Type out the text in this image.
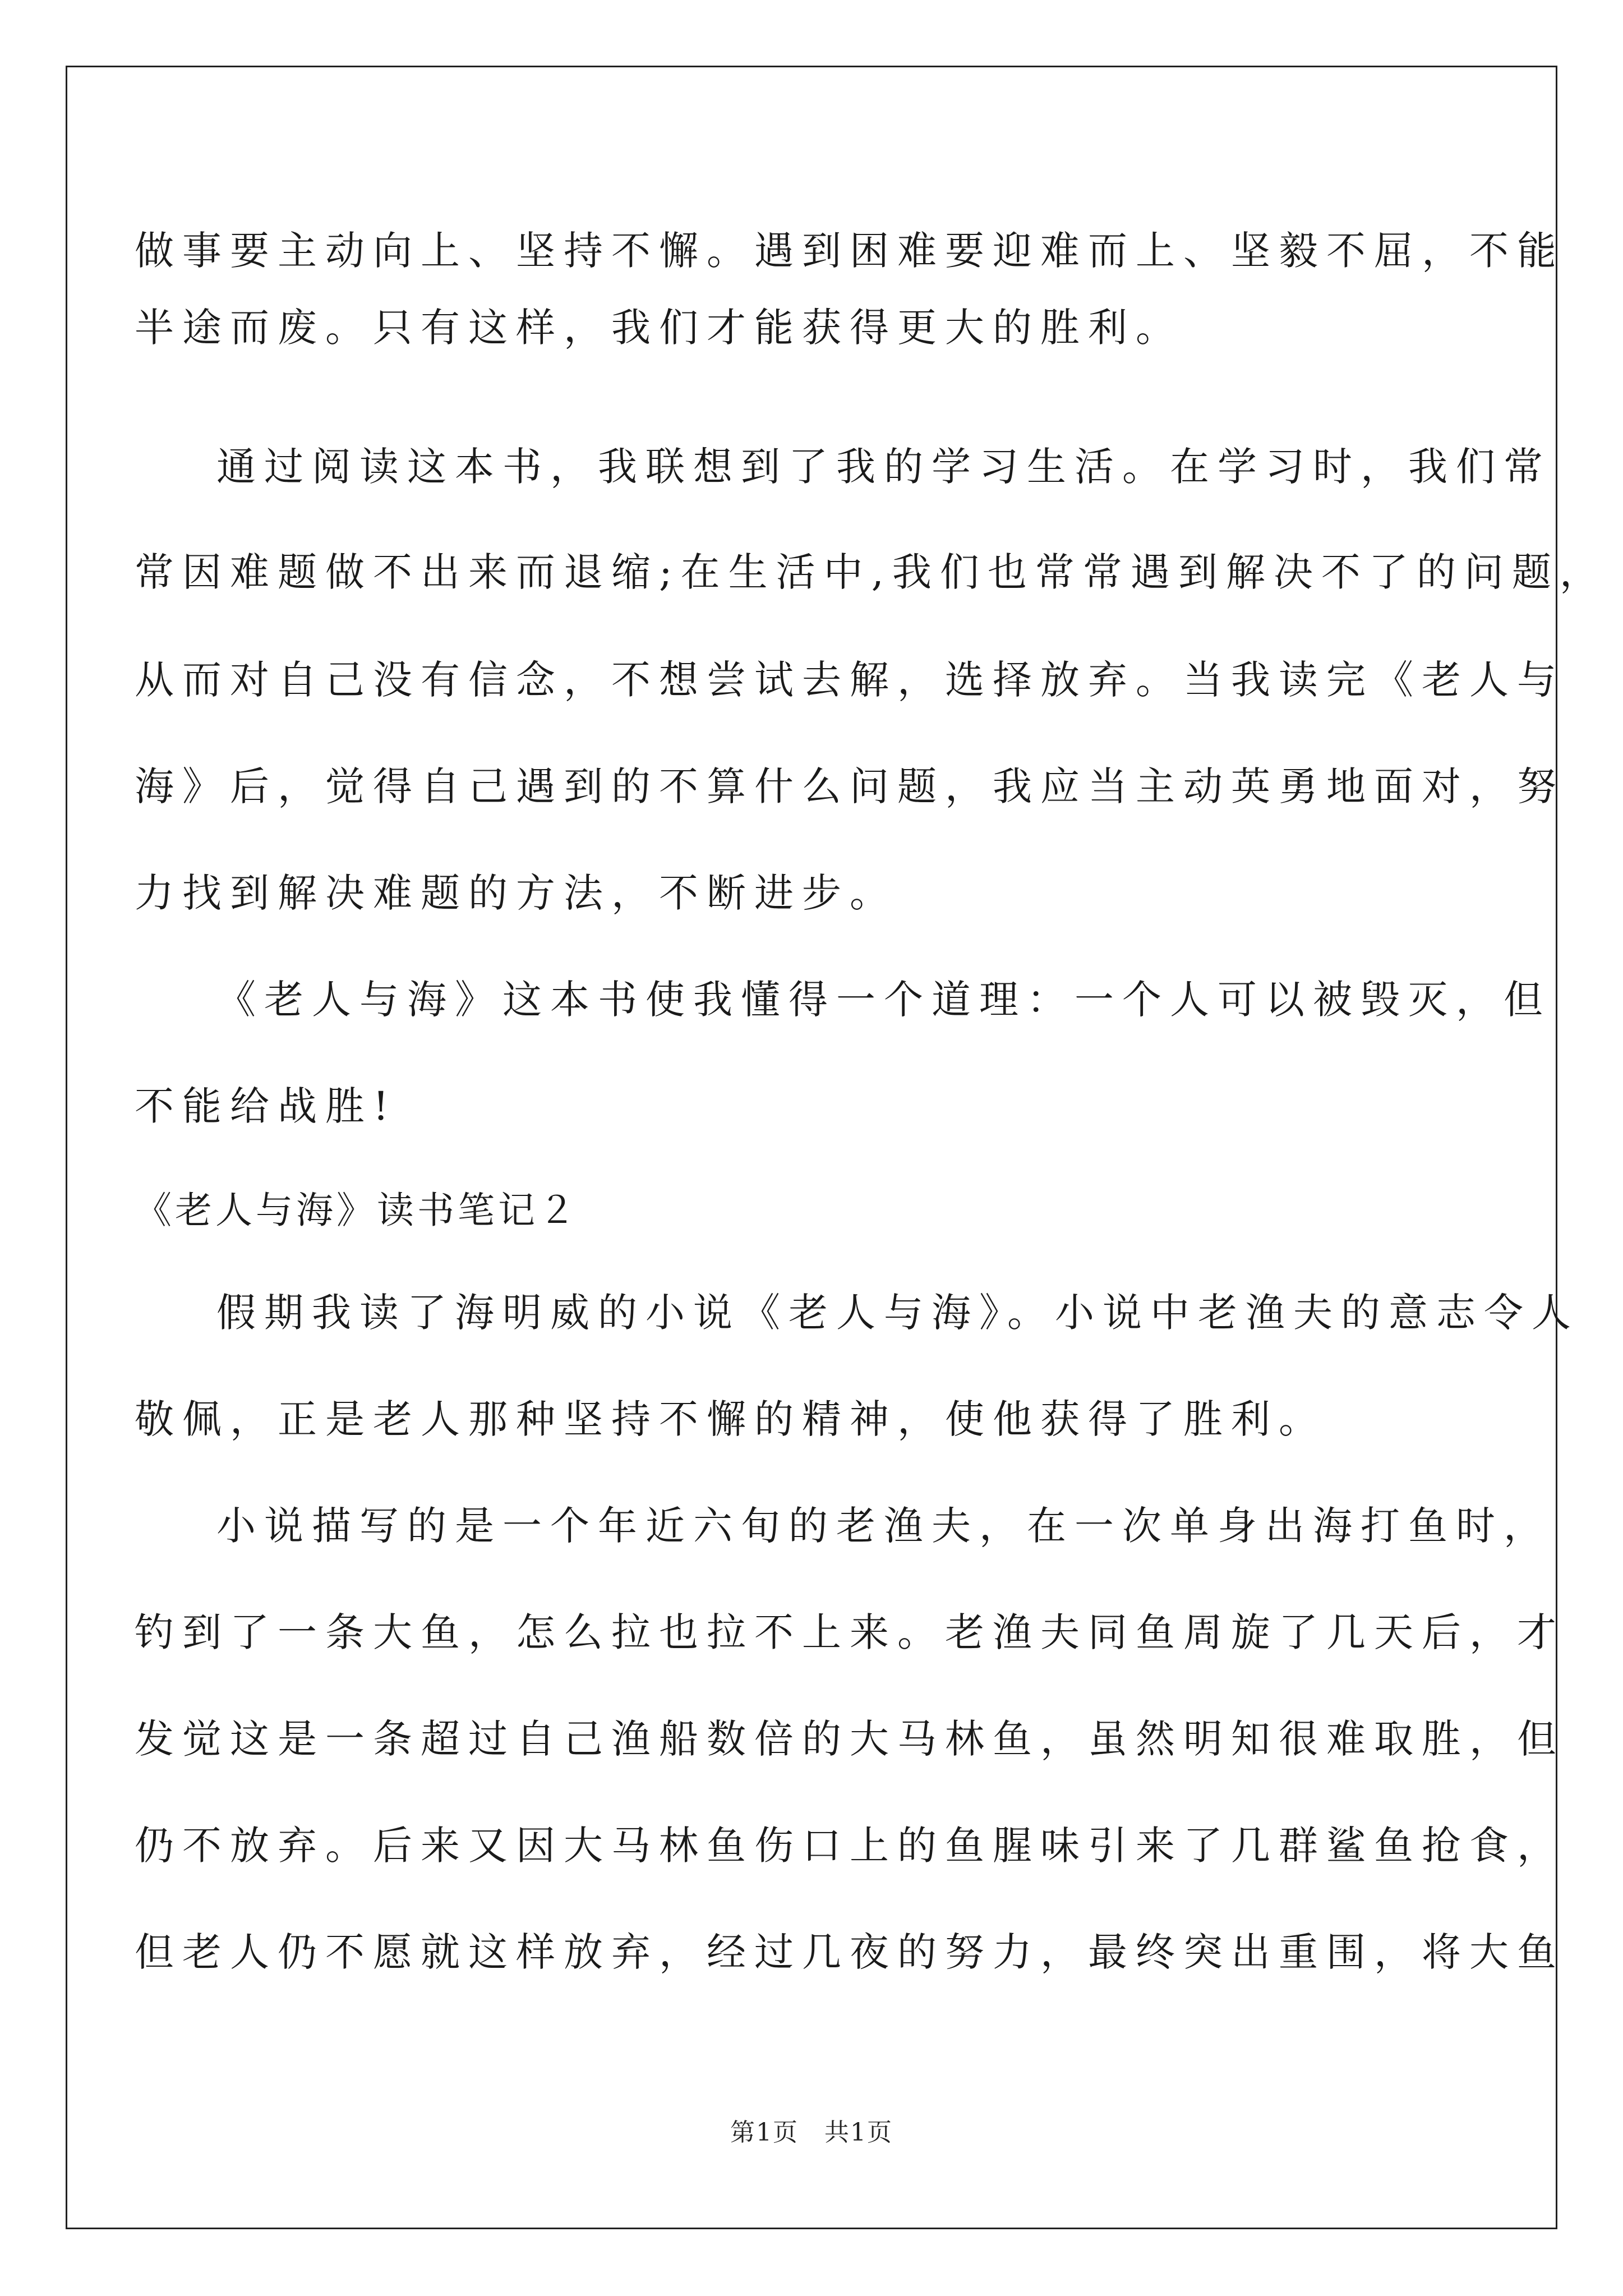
做事要主动向上、坚持不懈。遇到困难要迎难而上、坚毅不屈，不能
半途而废。只有这样，我们才能获得更大的胜利。
通过阅读这本书，我联想到了我的学习生活。在学习时，我们常
常因难题做不出来而退缩;在生活中,我们也常常遇到解决不了的问题，
从而对自己没有信念，不想尝试去解，选择放弃。当我读完《老人与
海》后，觉得自己遇到的不算什么问题，我应当主动英勇地面对，努
力找到解决难题的方法，不断进步。
《老人与海》这本书使我懂得一个道理：一个人可以被毁灭，但
不能给战胜!
《老人与海》读书笔记２
假期我读了海明威的小说《老人与海》。小说中老渔夫的意志令人
敬佩，正是老人那种坚持不懈的精神，使他获得了胜利。
小说描写的是一个年近六旬的老渔夫，在一次单身出海打鱼时，
钓到了一条大鱼，怎么拉也拉不上来。老渔夫同鱼周旋了几天后，才
发觉这是一条超过自己渔船数倍的大马林鱼，虽然明知很难取胜，但
仍不放弃。后来又因大马林鱼伤口上的鱼腥味引来了几群鲨鱼抢食，
但老人仍不愿就这样放弃，经过几夜的努力，最终突出重围，将大鱼
第1页　共1页
